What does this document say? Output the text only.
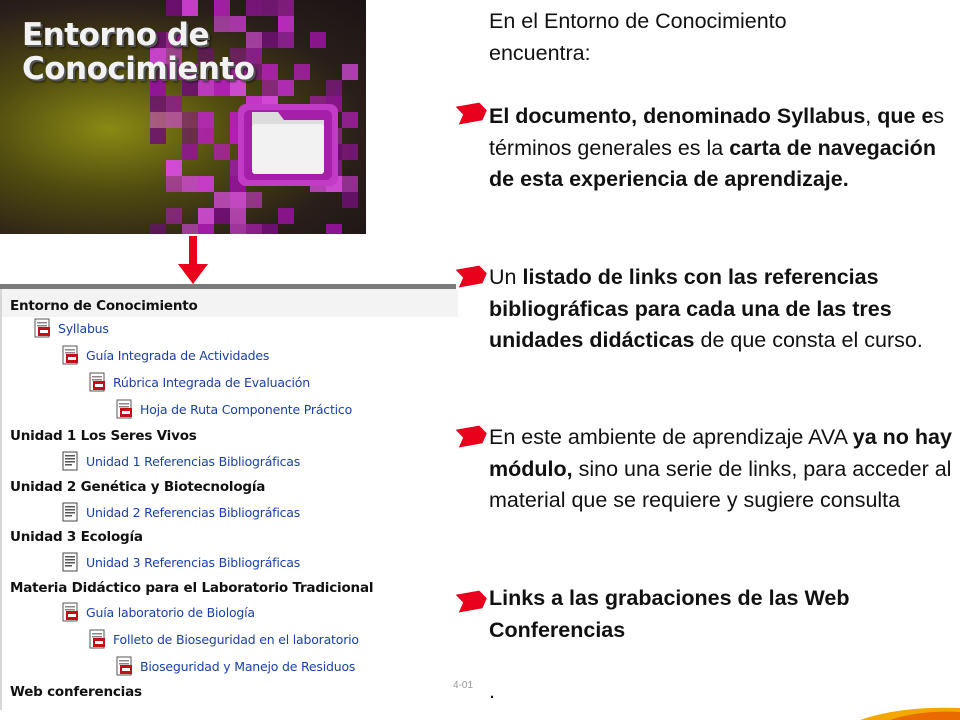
Entorno de
Conocimiento
Entorno de Conocimiento
Syllabus
Guía Integrada de Actividades
Rúbrica Integrada de Evaluación
Hoja de Ruta Componente Práctico
Unidad 1 Los Seres Vivos
Unidad 1 Referencias Bibliográficas
Unidad 2 Genética y Biotecnología
Unidad 2 Referencias Bibliográficas
Unidad 3 Ecología
Unidad 3 Referencias Bibliográficas
Materia Didáctico para el Laboratorio Tradicional
Guía laboratorio de Biología
Folleto de Bioseguridad en el laboratorio
Bioseguridad y Manejo de Residuos
Web conferencias	4-01
En el Entorno de Conocimiento
encuentra:
El documento, denominado Syllabus, que es términos generales es la carta de navegación de esta experiencia de aprendizaje.
Un listado de links con las referencias bibliográficas para cada una de las tres unidades didácticas de que consta el curso.
En este ambiente de aprendizaje AVA ya no hay módulo, sino una serie de links, para acceder al material que se requiere y sugiere consulta
Links a las grabaciones de las Web Conferencias
.
